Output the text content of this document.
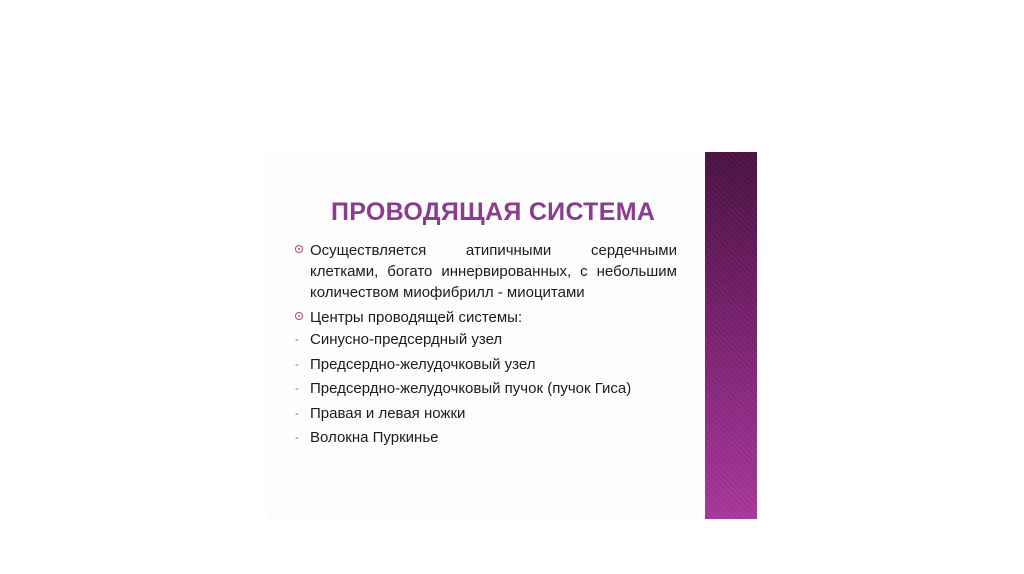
ПРОВОДЯЩАЯ СИСТЕМА
Осуществляется атипичными сердечными клетками, богато иннервированных, с небольшим количеством миофибрилл - миоцитами
Центры проводящей системы:
- Синусно-предсердный узел
- Предсердно-желудочковый узел
- Предсердно-желудочковый пучок (пучок Гиса)
- Правая и левая ножки
- Волокна Пуркинье
